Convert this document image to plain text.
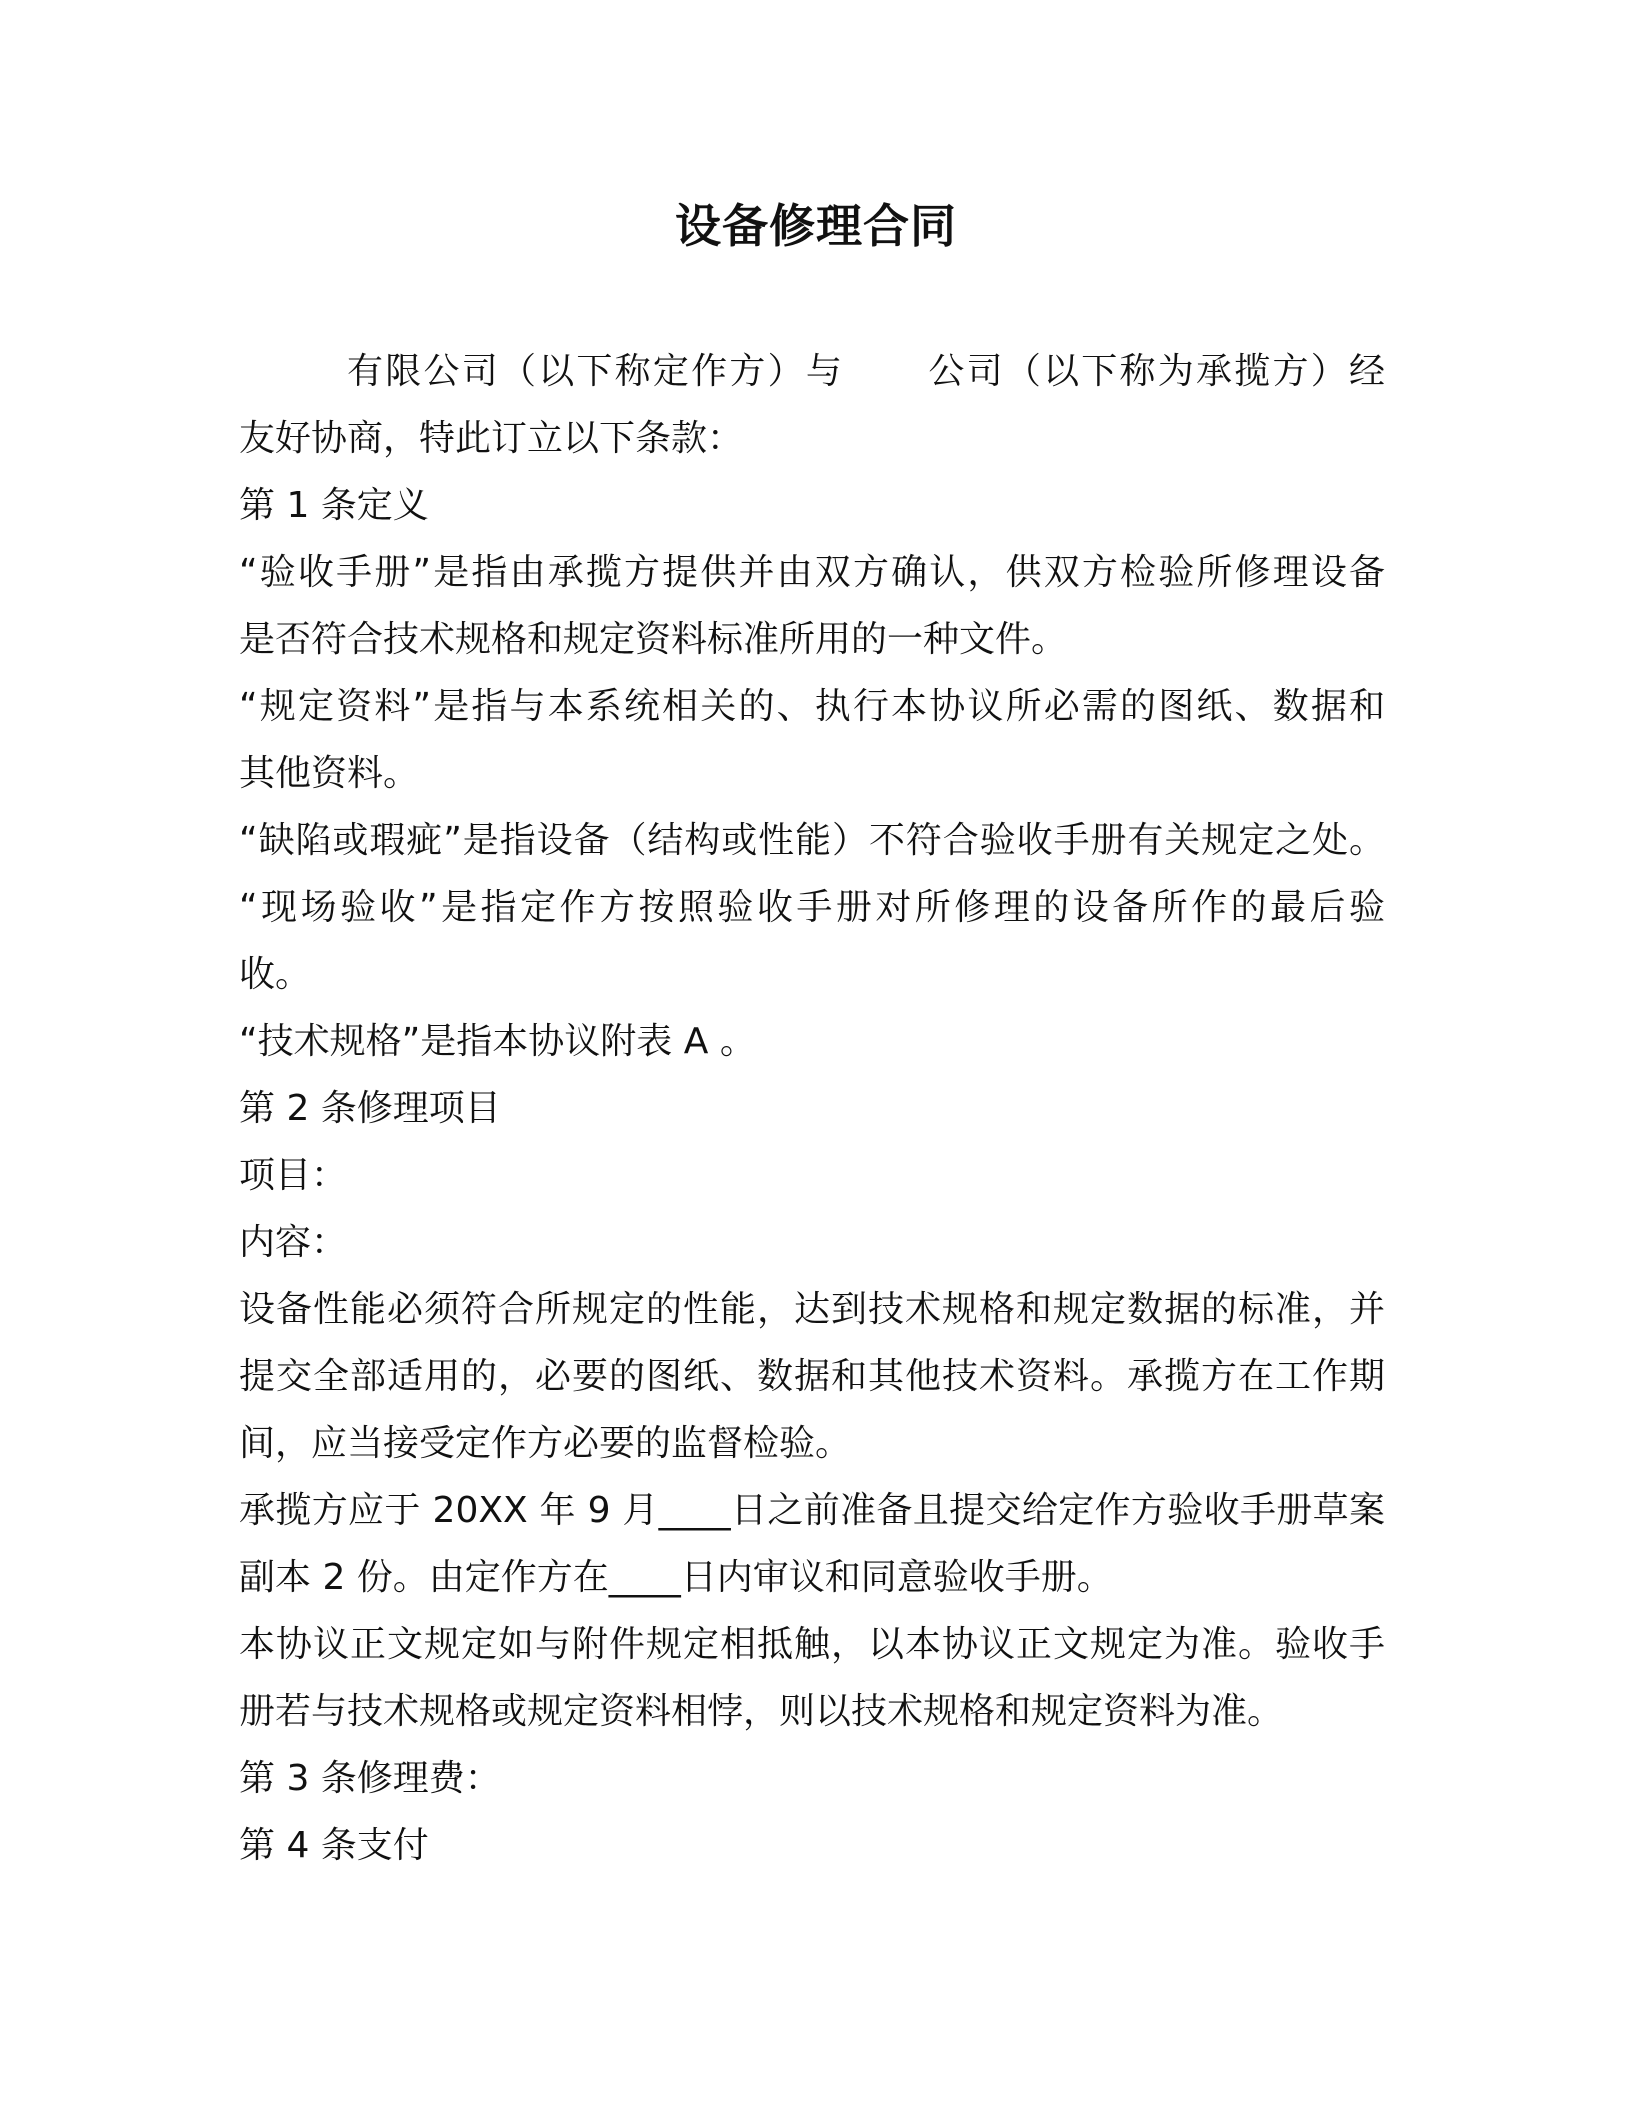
设备修理合同
有限公司（以下称定作方）与 公司（以下称为承揽方）经
友好协商，特此订立以下条款：
第 1 条定义
“验收手册”是指由承揽方提供并由双方确认，供双方检验所修理设备
是否符合技术规格和规定资料标准所用的一种文件。
“规定资料”是指与本系统相关的、执行本协议所必需的图纸、数据和
其他资料。
“缺陷或瑕疵”是指设备（结构或性能）不符合验收手册有关规定之处。
“现场验收”是指定作方按照验收手册对所修理的设备所作的最后验
收。
“技术规格”是指本协议附表 A 。
第 2 条修理项目
项目：
内容：
设备性能必须符合所规定的性能，达到技术规格和规定数据的标准，并
提交全部适用的，必要的图纸、数据和其他技术资料。承揽方在工作期
间，应当接受定作方必要的监督检验。
承揽方应于 20XX 年 9 月____日之前准备且提交给定作方验收手册草案
副本 2 份。由定作方在____日内审议和同意验收手册。
本协议正文规定如与附件规定相抵触，以本协议正文规定为准。验收手
册若与技术规格或规定资料相悖，则以技术规格和规定资料为准。
第 3 条修理费：
第 4 条支付
